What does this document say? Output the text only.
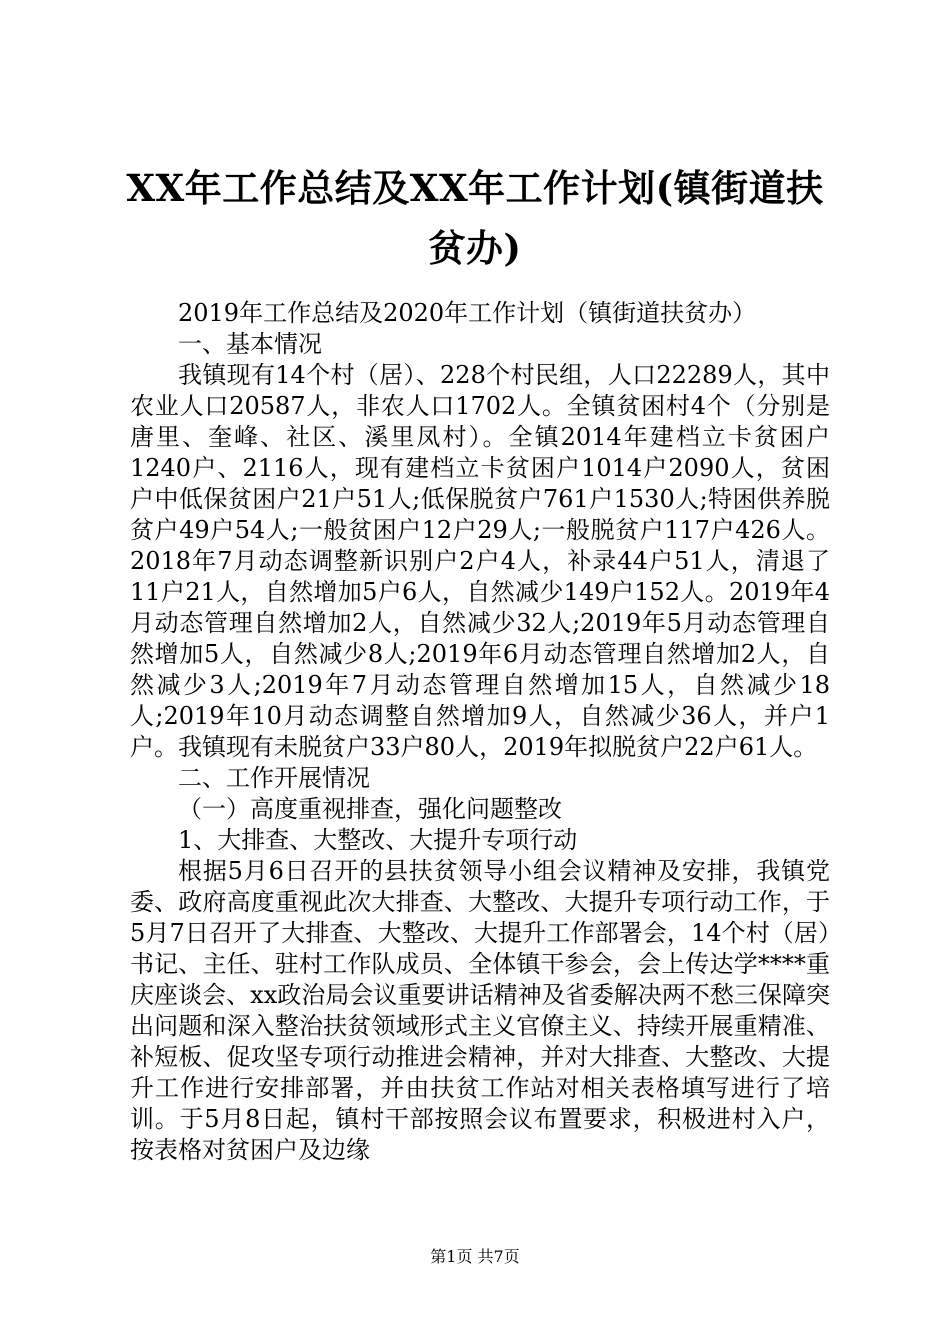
XX年工作总结及XX年工作计划(镇街道扶贫办)

2019年工作总结及2020年工作计划（镇街道扶贫办）

一、基本情况

我镇现有14个村（居）、228个村民组，人口22289人，其中农业人口20587人，非农人口1702人。全镇贫困村4个（分别是唐里、奎峰、社区、溪里凤村）。全镇2014年建档立卡贫困户1240户、2116人，现有建档立卡贫困户1014户2090人，贫困户中低保贫困户21户51人;低保脱贫户761户1530人;特困供养脱贫户49户54人;一般贫困户12户29人;一般脱贫户117户426人。2018年7月动态调整新识别户2户4人，补录44户51人，清退了11户21人，自然增加5户6人，自然减少149户152人。2019年4月动态管理自然增加2人，自然减少32人;2019年5月动态管理自然增加5人，自然减少8人;2019年6月动态管理自然增加2人，自然减少3人;2019年7月动态管理自然增加15人，自然减少18人;2019年10月动态调整自然增加9人，自然减少36人，并户1户。我镇现有未脱贫户33户80人，2019年拟脱贫户22户61人。

二、工作开展情况

（一）高度重视排查，强化问题整改

1、大排查、大整改、大提升专项行动

根据5月6日召开的县扶贫领导小组会议精神及安排，我镇党委、政府高度重视此次大排查、大整改、大提升专项行动工作，于5月7日召开了大排查、大整改、大提升工作部署会，14个村（居）书记、主任、驻村工作队成员、全体镇干参会，会上传达学****重庆座谈会、xx政治局会议重要讲话精神及省委解决两不愁三保障突出问题和深入整治扶贫领域形式主义官僚主义、持续开展重精准、补短板、促攻坚专项行动推进会精神，并对大排查、大整改、大提升工作进行安排部署，并由扶贫工作站对相关表格填写进行了培训。于5月8日起，镇村干部按照会议布置要求，积极进村入户，按表格对贫困户及边缘

第1页 共7页
